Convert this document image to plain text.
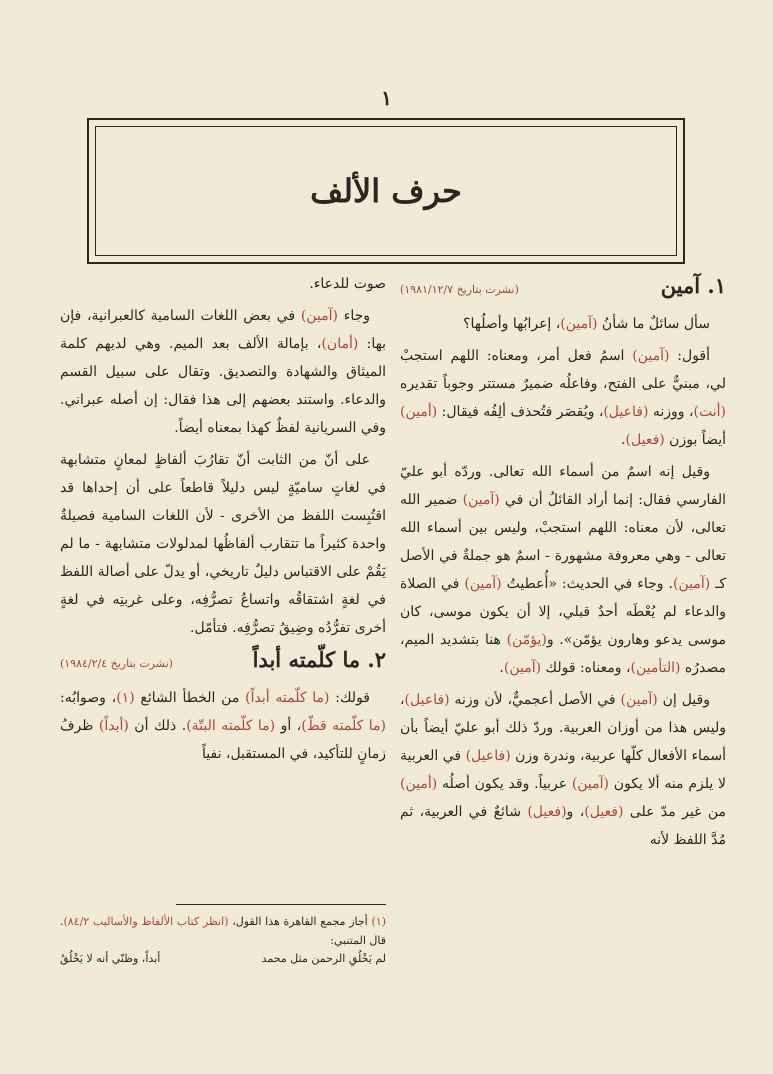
١
حرف الألف
١. آمين
(نشرت بتاريخ ١٩٨١/١٢/٧)

سأل سائلٌ ما شأنُ (آمين)، إعرابُها وأصلُها؟

أقول: (آمين) اسمُ فعل أمر، ومعناه: اللهم استجبْ لي، مبنيٌّ على الفتح، وفاعلُه ضميرٌ مستتر وجوباً تقديره (أنت)، ووزنه (فاعيل)، ويُقصَر فتُحذف ألِفُه فيقال: (أمين) أيضاً بوزن (فعيل).

وقيل إنه اسمٌ من أسماء الله تعالى. وردّه أبو عليّ الفارسي فقال: إنما أراد القائلُ أن في (آمين) ضمير الله تعالى، لأن معناه: اللهم استجبْ، وليس بين أسماء الله تعالى - وهي معروفة مشهورة - اسمٌ هو جملةٌ في الأصل كـ (آمين). وجاء في الحديث: «أُعطيتُ (آمين) في الصلاة والدعاء لم يُعْطَه أحدٌ قبلي، إلا أن يكون موسى، كان موسى يدعو وهارون يؤمّن». و(يؤمّن) هنا بتشديد الميم، مصدرُه (التأمين)، ومعناه: قولك (آمين).

وقيل إن (آمين) في الأصل أعجميٌّ، لأن وزنه (فاعيل)، وليس هذا من أوزان العربية. وردّ ذلك أبو عليّ أيضاً بأن أسماء الأفعال كلّها عربية، وندرة وزن (فاعيل) في العربية لا يلزم منه ألا يكون (آمين) عربياً. وقد يكون أصلُه (أمين) من غير مدّ على (فعيل)، و(فعيل) شائعٌ في العربية، ثم مُدَّ اللفظ لأنه

صوت للدعاء.

وجاء (آمين) في بعض اللغات السامية كالعبرانية، فإن بها: (أمان)، بإمالة الألف بعد الميم. وهي لديهم كلمة الميثاق والشهادة والتصديق. وتقال على سبيل القسم والدعاء. واستند بعضهم إلى هذا فقال: إن أصله عبراني. وفي السريانية لفظٌ كهذا بمعناه أيضاً.

على أنّ من الثابت أنّ تقارُبَ ألفاظٍ لمعانٍ متشابهة في لغاتٍ ساميّةٍ ليس دليلاً قاطعاً على أن إحداها قد اقتُبِست اللفظ من الأخرى - لأن اللغات السامية فصيلةٌ واحدة كثيراً ما تتقارب ألفاظُها لمدلولات متشابهة - ما لم يَقُمْ على الاقتباس دليلٌ تاريخي، أو يدلّ على أصالة اللفظ في لغةٍ اشتقاقُه واتساعُ تصرُّفِه، وعلى غربتِه في لغةٍ أخرى تفرُّدُه وضِيقُ تصرُّفِه. فتأمّل.

٢. ما كلّمته أبداً
(نشرت بتاريخ ١٩٨٤/٢/٤)

قولك: (ما كلّمته أبداً) من الخطأ الشائع (١)، وصوابُه: (ما كلّمته قطّ)، أو (ما كلّمته البتّة). ذلك أن (أبداً) ظرفُ زمانٍ للتأكيد، في المستقبل، نفياً

(١) أجاز مجمع القاهرة هذا القول، (انظر كتاب الألفاظ والأساليب ٨٤/٢). قال المتنبي:
لم يَخْلُقِ الرحمن مثل محمد
أبداً، وظنّي أنه لا يَخْلُقُ
